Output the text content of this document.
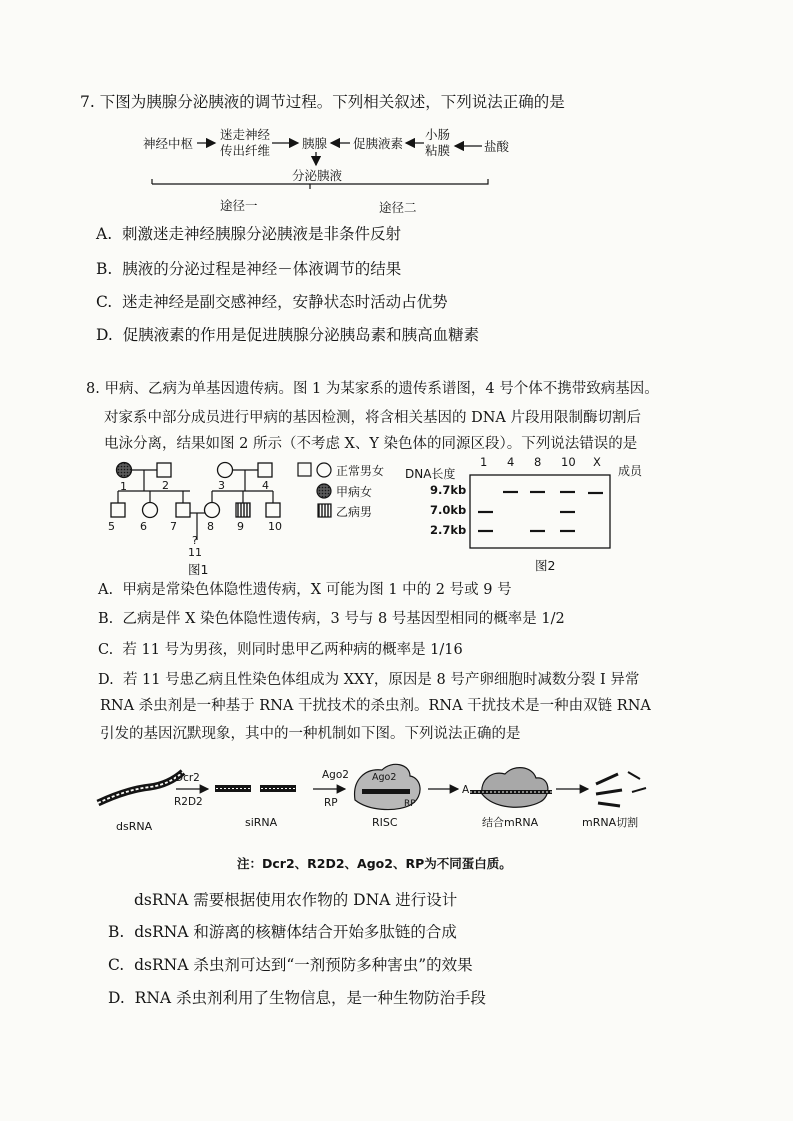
7. 下图为胰腺分泌胰液的调节过程。下列相关叙述，下列说法正确的是
神经中枢
迷走神经
传出纤维	胰腺 促胰液素
小肠
粘膜	盐酸
分泌胰液
途径一	途径二
A. 刺激迷走神经胰腺分泌胰液是非条件反射
B. 胰液的分泌过程是神经－体液调节的结果
C. 迷走神经是副交感神经，安静状态时活动占优势
D. 促胰液素的作用是促进胰腺分泌胰岛素和胰高血糖素
8. 甲病、乙病为单基因遗传病。图 1 为某家系的遗传系谱图，4 号个体不携带致病基因。
对家系中部分成员进行甲病的基因检测，将含相关基因的 DNA 片段用限制酶切割后
电泳分离，结果如图 2 所示（不考虑 X、Y 染色体的同源区段）。下列说法错误的是
1	2	3	4
5 6 7	8 9 10
?
11
图1
正常男女
甲病女
乙病男
DNA长度
1 4 8 10 X
成员
9.7kb
7.0kb
2.7kb
图2
A. 甲病是常染色体隐性遗传病，X 可能为图 1 中的 2 号或 9 号
B. 乙病是伴 X 染色体隐性遗传病，3 号与 8 号基因型相同的概率是 1/2
C. 若 11 号为男孩，则同时患甲乙两种病的概率是 1/16
D. 若 11 号患乙病且性染色体组成为 XXY，原因是 8 号产卵细胞时减数分裂 I 异常
RNA 杀虫剂是一种基于 RNA 干扰技术的杀虫剂。RNA 干扰技术是一种由双链 RNA
引发的基因沉默现象，其中的一种机制如下图。下列说法正确的是
dsRNA
Dcr2
R2D2
siRNA
Ago2
RP
Ago2
RP
RISC
A
结合mRNA	mRNA切割
注：Dcr2、R2D2、Ago2、RP为不同蛋白质。
dsRNA 需要根据使用农作物的 DNA 进行设计
B. dsRNA 和游离的核糖体结合开始多肽链的合成
C. dsRNA 杀虫剂可达到“一剂预防多种害虫”的效果
D. RNA 杀虫剂利用了生物信息，是一种生物防治手段
